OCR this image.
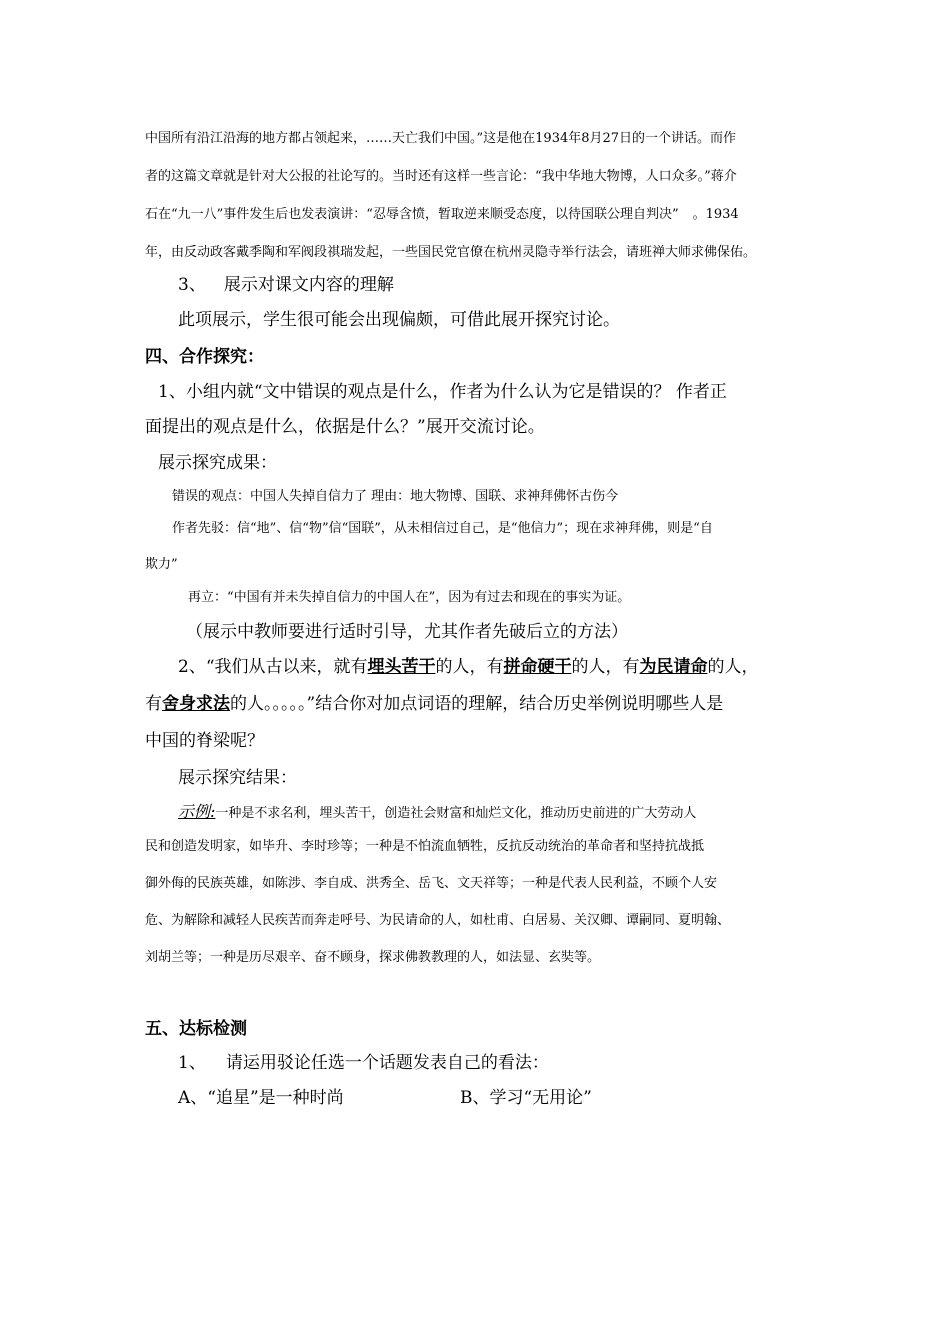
中国所有沿江沿海的地方都占领起来，……天亡我们中国。”这是他在1934年8月27日的一个讲话。而作
者的这篇文章就是针对大公报的社论写的。当时还有这样一些言论：“我中华地大物博，人口众多。”蒋介
石在“九一八”事件发生后也发表演讲：“忍辱含愤，暂取逆来顺受态度，以待国联公理自判决” 。1934
年，由反动政客戴季陶和军阀段祺瑞发起，一些国民党官僚在杭州灵隐寺举行法会，请班禅大师求佛保佑。
3、 展示对课文内容的理解
此项展示，学生很可能会出现偏颇，可借此展开探究讨论。
四、合作探究：
1、小组内就“文中错误的观点是什么，作者为什么认为它是错误的？ 作者正
面提出的观点是什么，依据是什么？”展开交流讨论。
展示探究成果：
错误的观点：中国人失掉自信力了 理由：地大物博、国联、求神拜佛怀古伤今
作者先驳：信“地”、信“物”信“国联”，从未相信过自己，是“他信力”；现在求神拜佛，则是“自
欺力”
再立：“中国有并未失掉自信力的中国人在”，因为有过去和现在的事实为证。
（展示中教师要进行适时引导，尤其作者先破后立的方法）
2、“我们从古以来，就有埋头苦干的人，有拼命硬干的人，有为民请命的人，
有舍身求法的人。。。。。”结合你对加点词语的理解，结合历史举例说明哪些人是
中国的脊梁呢？
展示探究结果：
示例:一种是不求名利，埋头苦干，创造社会财富和灿烂文化，推动历史前进的广大劳动人
民和创造发明家，如毕升、李时珍等；一种是不怕流血牺牲，反抗反动统治的革命者和坚持抗战抵
御外侮的民族英雄，如陈涉、李自成、洪秀全、岳飞、文天祥等；一种是代表人民利益，不顾个人安
危、为解除和减轻人民疾苦而奔走呼号、为民请命的人，如杜甫、白居易、关汉卿、谭嗣同、夏明翰、
刘胡兰等；一种是历尽艰辛、奋不顾身，探求佛教教理的人，如法显、玄奘等。
五、达标检测
1、 请运用驳论任选一个话题发表自己的看法：
A、“追星”是一种时尚	B、学习“无用论”
